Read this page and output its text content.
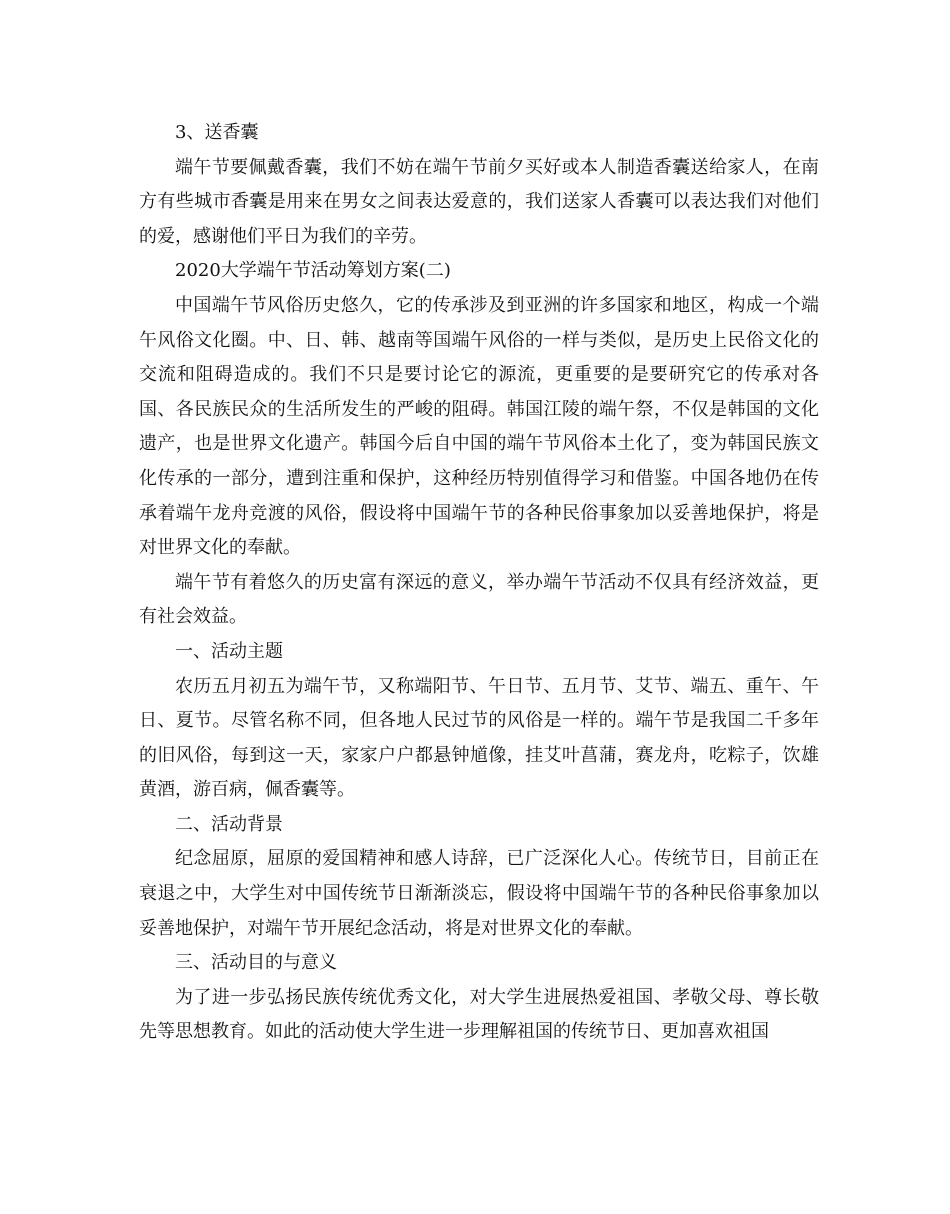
3、送香囊

端午节要佩戴香囊，我们不妨在端午节前夕买好或本人制造香囊送给家人，在南方有些城市香囊是用来在男女之间表达爱意的，我们送家人香囊可以表达我们对他们的爱，感谢他们平日为我们的辛劳。

2020大学端午节活动筹划方案(二)

中国端午节风俗历史悠久，它的传承涉及到亚洲的许多国家和地区，构成一个端午风俗文化圈。中、日、韩、越南等国端午风俗的一样与类似，是历史上民俗文化的交流和阻碍造成的。我们不只是要讨论它的源流，更重要的是要研究它的传承对各国、各民族民众的生活所发生的严峻的阻碍。韩国江陵的端午祭，不仅是韩国的文化遗产，也是世界文化遗产。韩国今后自中国的端午节风俗本土化了，变为韩国民族文化传承的一部分，遭到注重和保护，这种经历特别值得学习和借鉴。中国各地仍在传承着端午龙舟竞渡的风俗，假设将中国端午节的各种民俗事象加以妥善地保护，将是对世界文化的奉献。

端午节有着悠久的历史富有深远的意义，举办端午节活动不仅具有经济效益，更有社会效益。

一、活动主题

农历五月初五为端午节，又称端阳节、午日节、五月节、艾节、端五、重午、午日、夏节。尽管名称不同，但各地人民过节的风俗是一样的。端午节是我国二千多年的旧风俗，每到这一天，家家户户都悬钟馗像，挂艾叶菖蒲，赛龙舟，吃粽子，饮雄黄酒，游百病，佩香囊等。

二、活动背景

纪念屈原，屈原的爱国精神和感人诗辞，已广泛深化人心。传统节日，目前正在衰退之中，大学生对中国传统节日渐渐淡忘，假设将中国端午节的各种民俗事象加以妥善地保护，对端午节开展纪念活动，将是对世界文化的奉献。

三、活动目的与意义

为了进一步弘扬民族传统优秀文化，对大学生进展热爱祖国、孝敬父母、尊长敬先等思想教育。如此的活动使大学生进一步理解祖国的传统节日、更加喜欢祖国
